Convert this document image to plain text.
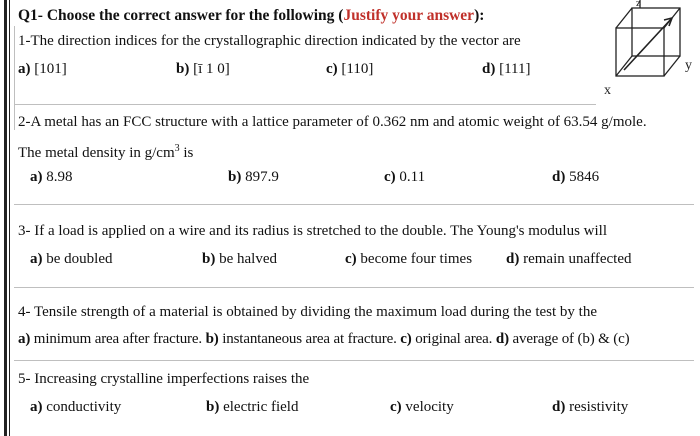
Q1- Choose the correct answer for the following (Justify your answer):
1-The direction indices for the crystallographic direction indicated by the vector are
a) [101]	b) [ī 1 0]	c) [110]	d) [111]	y
x
z
2-A metal has an FCC structure with a lattice parameter of 0.362 nm and atomic weight of 63.54 g/mole.
The metal density in $g/cm^3$ is
a) 8.98	b) 897.9	c) 0.11	d) 5846
3- If a load is applied on a wire and its radius is stretched to the double. The Young's modulus will
a) be doubled	b) be halved	c) become four times d) remain unaffected
4- Tensile strength of a material is obtained by dividing the maximum load during the test by the
a) minimum area after fracture. b) instantaneous area at fracture. c) original area. d) average of (b) & (c)
5- Increasing crystalline imperfections raises the
a) conductivity	b) electric field	c) velocity	d) resistivity
